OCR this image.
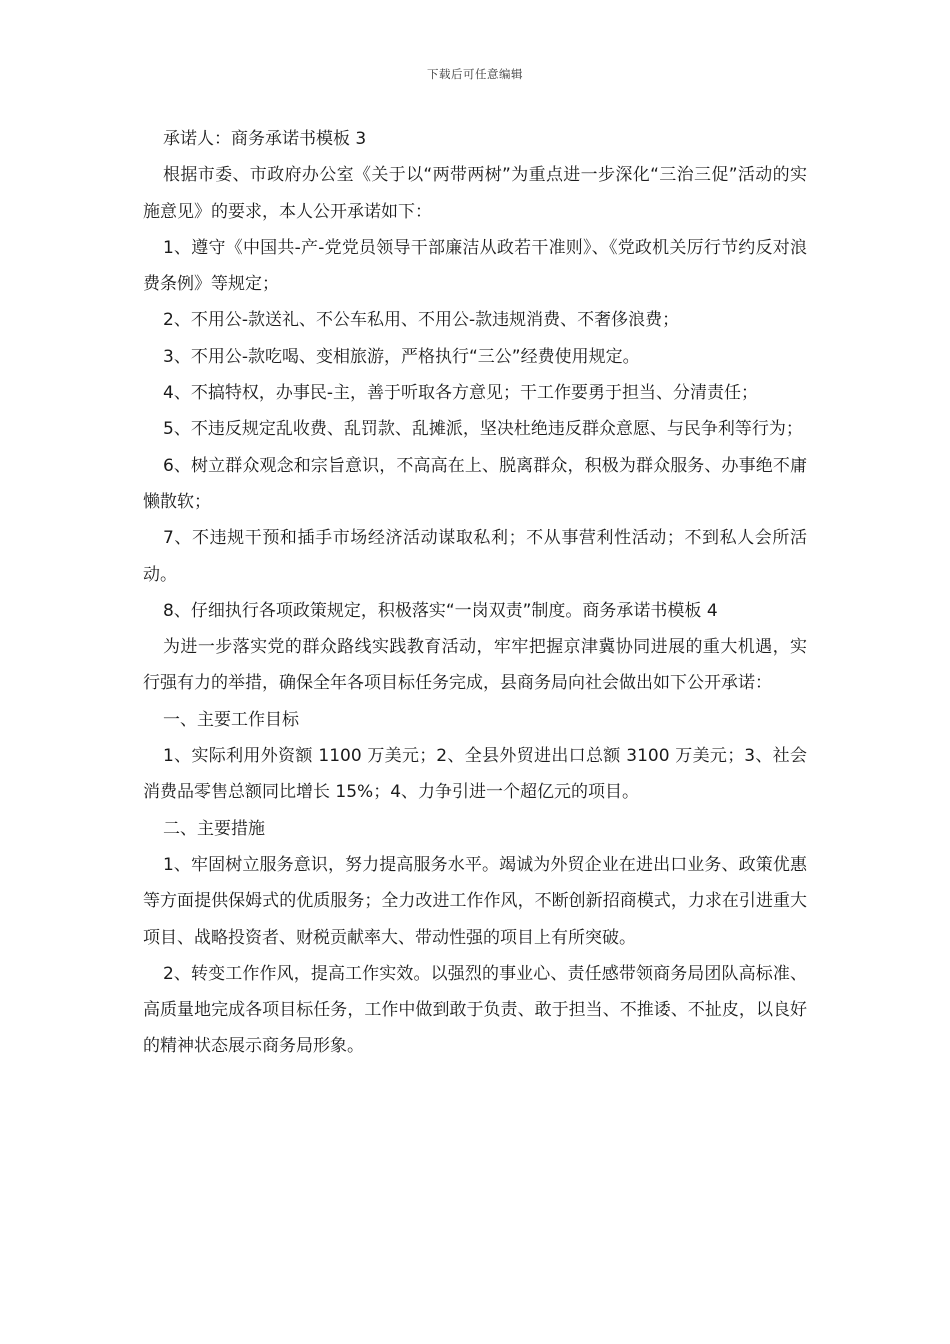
下载后可任意编辑

承诺人：商务承诺书模板 3

根据市委、市政府办公室《关于以“两带两树”为重点进一步深化“三治三促”活动的实施意见》的要求，本人公开承诺如下：

1、遵守《中国共-产-党党员领导干部廉洁从政若干准则》、《党政机关厉行节约反对浪费条例》等规定；

2、不用公-款送礼、不公车私用、不用公-款违规消费、不奢侈浪费；

3、不用公-款吃喝、变相旅游，严格执行“三公”经费使用规定。

4、不搞特权，办事民-主，善于听取各方意见；干工作要勇于担当、分清责任；

5、不违反规定乱收费、乱罚款、乱摊派，坚决杜绝违反群众意愿、与民争利等行为；

6、树立群众观念和宗旨意识，不高高在上、脱离群众，积极为群众服务、办事绝不庸懒散软；

7、不违规干预和插手市场经济活动谋取私利；不从事营利性活动；不到私人会所活动。

8、仔细执行各项政策规定，积极落实“一岗双责”制度。商务承诺书模板 4

为进一步落实党的群众路线实践教育活动，牢牢把握京津冀协同进展的重大机遇，实行强有力的举措，确保全年各项目标任务完成，县商务局向社会做出如下公开承诺：

一、主要工作目标

1、实际利用外资额 1100 万美元；2、全县外贸进出口总额 3100 万美元；3、社会消费品零售总额同比增长 15%；4、力争引进一个超亿元的项目。

二、主要措施

1、牢固树立服务意识，努力提高服务水平。竭诚为外贸企业在进出口业务、政策优惠等方面提供保姆式的优质服务；全力改进工作作风，不断创新招商模式，力求在引进重大项目、战略投资者、财税贡献率大、带动性强的项目上有所突破。

2、转变工作作风，提高工作实效。以强烈的事业心、责任感带领商务局团队高标准、高质量地完成各项目标任务，工作中做到敢于负责、敢于担当、不推诿、不扯皮，以良好的精神状态展示商务局形象。
